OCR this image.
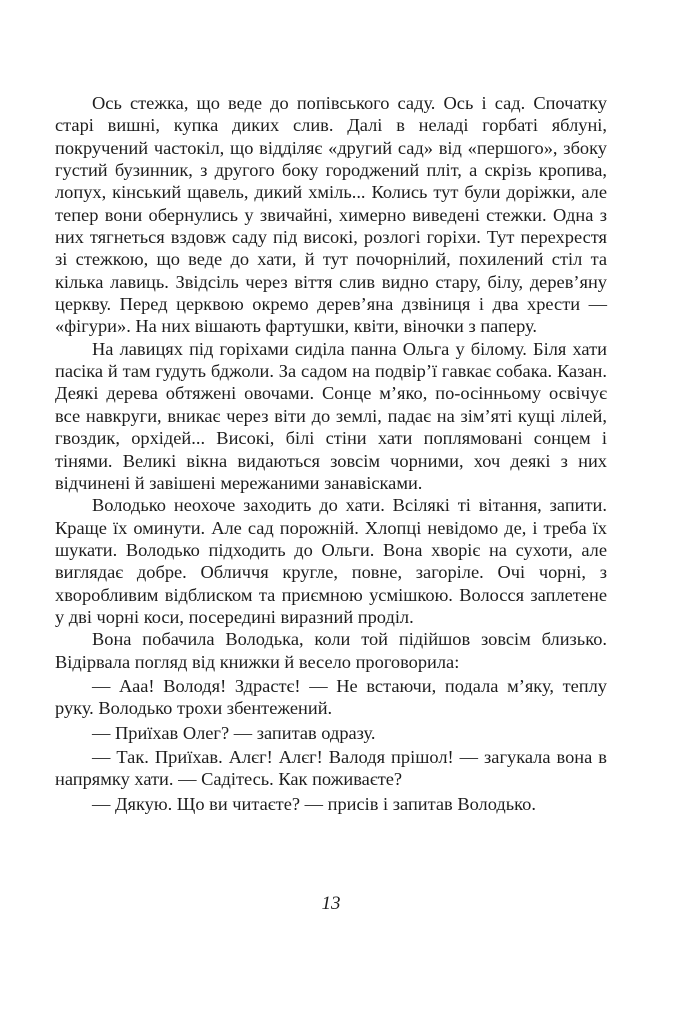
Ось стежка, що веде до попівського саду. Ось і сад. Спочатку старі вишні, купка диких слив. Далі в неладі горбаті яблуні, покручений частокіл, що відділяє «другий сад» від «першого», збоку густий бузинник, з другого боку городжений пліт, а скрізь кропива, лопух, кінський щавель, дикий хміль... Колись тут були доріжки, але тепер вони обернулись у звичайні, химерно виведені стежки. Одна з них тягнеться вздовж саду під високі, розлогі горіхи. Тут перехрестя зі стежкою, що веде до хати, й тут почорнілий, похилений стіл та кілька лавиць. Звідсіль через віття слив видно стару, білу, дерев’яну церкву. Перед церквою окремо дерев’яна дзвіниця і два хрести — «фігури». На них вішають фартушки, квіти, віночки з паперу.

На лавицях під горіхами сиділа панна Ольга у білому. Біля хати пасіка й там гудуть бджоли. За садом на подвір’ї гавкає собака. Казан. Деякі дерева обтяжені овочами. Сонце м’яко, по-осінньому освічує все навкруги, вникає через віти до землі, падає на зім’яті кущі лілей, гвоздик, орхідей... Високі, білі стіни хати поплямовані сонцем і тінями. Великі вікна видаються зовсім чорними, хоч деякі з них відчинені й завішені мережаними занавісками.

Володько неохоче заходить до хати. Всілякі ті вітання, запити. Краще їх оминути. Але сад порожній. Хлопці невідомо де, і треба їх шукати. Володько підходить до Ольги. Вона хворіє на сухоти, але виглядає добре. Обличчя кругле, повне, загоріле. Очі чорні, з хворобливим відблиском та приємною усмішкою. Волосся заплетене у дві чорні коси, посередині виразний проділ.

Вона побачила Володька, коли той підійшов зовсім близько. Відірвала погляд від книжки й весело проговорила:

— Ааа! Володя! Здрастє! — Не встаючи, подала м’яку, теплу руку. Володько трохи збентежений.

— Приїхав Олег? — запитав одразу.

— Так. Приїхав. Алєг! Алєг! Валодя прішол! — загукала вона в напрямку хати. — Садітесь. Как поживаєте?

— Дякую. Що ви читаєте? — присів і запитав Володько.

13
